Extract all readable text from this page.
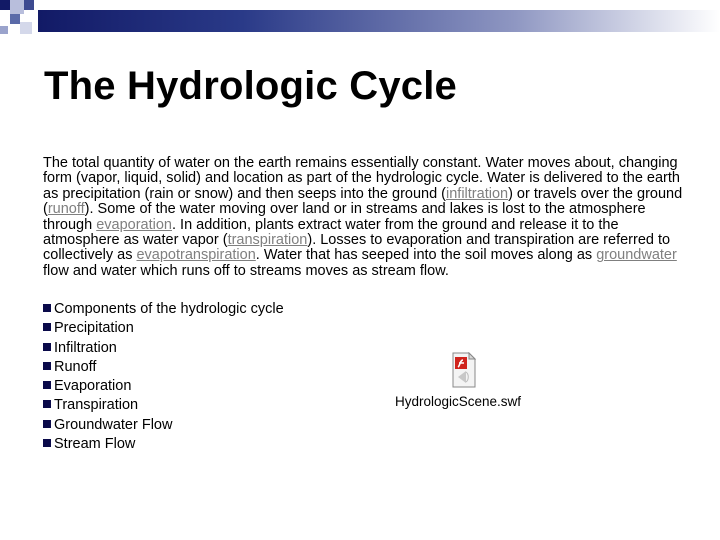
The Hydrologic Cycle

The total quantity of water on the earth remains essentially constant. Water moves about, changing form (vapor, liquid, solid) and location as part of the hydrologic cycle. Water is delivered to the earth as precipitation (rain or snow) and then seeps into the ground (infiltration) or travels over the ground (runoff). Some of the water moving over land or in streams and lakes is lost to the atmosphere through evaporation. In addition, plants extract water from the ground and release it to the atmosphere as water vapor (transpiration). Losses to evaporation and transpiration are referred to collectively as evapotranspiration. Water that has seeped into the soil moves along as groundwater flow and water which runs off to streams moves as stream flow.

Components of the hydrologic cycle
Precipitation
Infiltration
Runoff
Evaporation
Transpiration
Groundwater Flow
Stream Flow
HydrologicScene.swf
